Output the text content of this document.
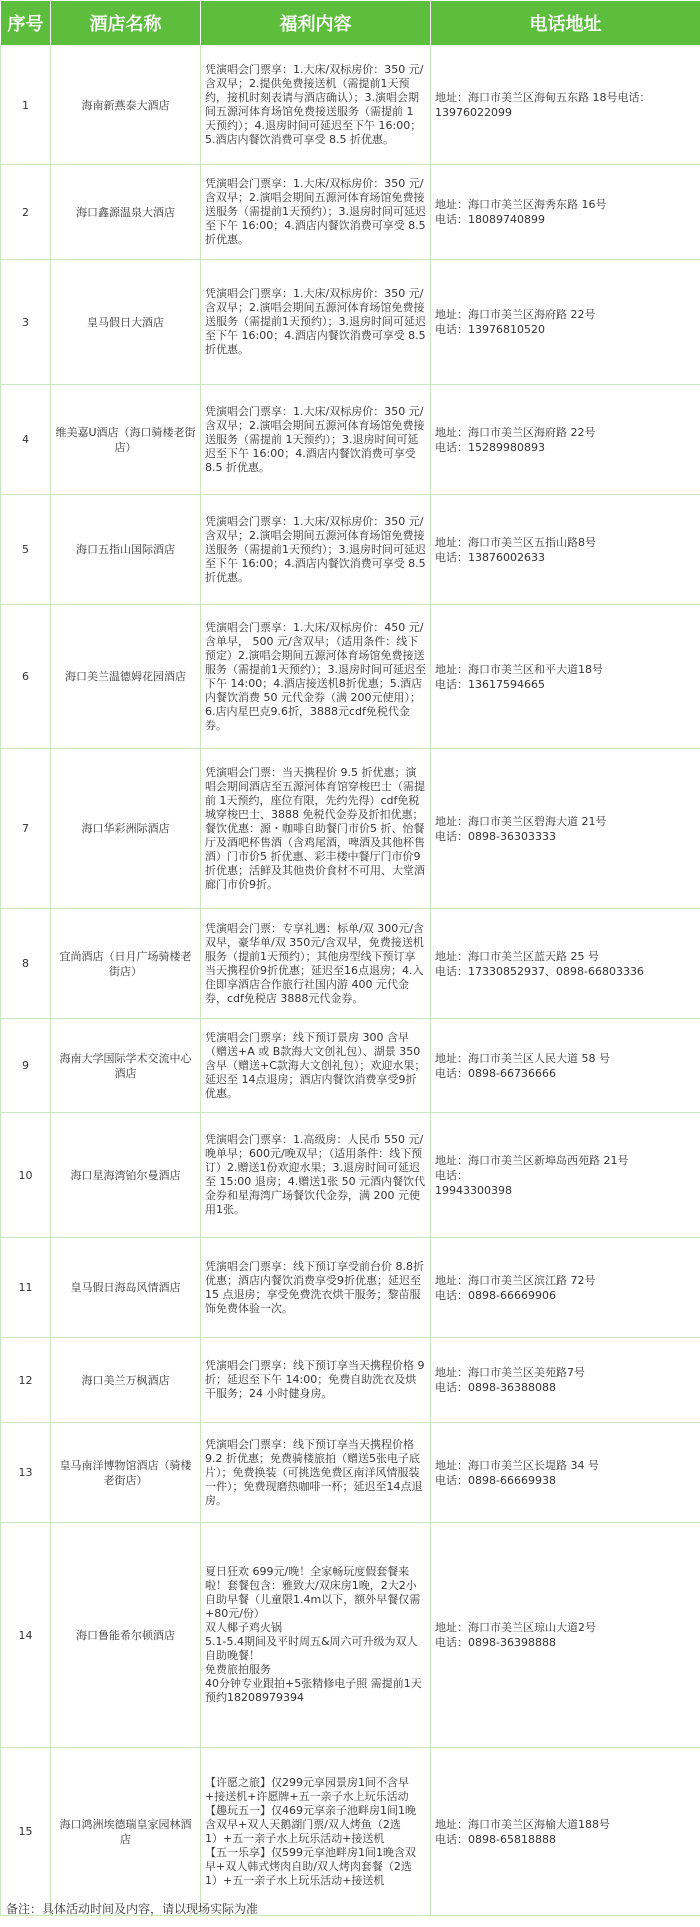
序号	酒店名称	福利内容	电话地址
1	海南新燕泰大酒店	凭演唱会门票享：1.大床/双标房价：350 元/含双早；2.提供免费接送机（需提前1天预约，接机时刻表请与酒店确认）；3.演唱会期间五源河体育场馆免费接送服务（需提前 1 天预约）；4.退房时间可延迟至下午 16:00；5.酒店内餐饮消费可享受 8.5 折优惠。	地址：海口市美兰区海甸五东路 18号电话：13976022099
2	海口鑫源温泉大酒店	凭演唱会门票享：1.大床/双标房价：350 元/含双早；2.演唱会期间五源河体育场馆免费接送服务（需提前1天预约）；3.退房时间可延迟至下午 16:00；4.酒店内餐饮消费可享受 8.5 折优惠。	地址：海口市美兰区海秀东路 16号
电话：18089740899
3	皇马假日大酒店	凭演唱会门票享：1.大床/双标房价：350 元/含双早；2.演唱会期间五源河体育场馆免费接送服务（需提前1天预约）；3.退房时间可延迟至下午 16:00；4.酒店内餐饮消费可享受 8.5 折优惠。	地址：海口市美兰区海府路 22号
电话：13976810520
4	维美嘉U酒店（海口骑楼老街店）	凭演唱会门票享：1.大床/双标房价：350 元/含双早；2.演唱会期间五源河体育场馆免费接送服务（需提前 1天预约）；3.退房时间可延迟至下午 16:00；4.酒店内餐饮消费可享受 8.5 折优惠。	地址：海口市美兰区海府路 22号
电话：15289980893
5	海口五指山国际酒店	凭演唱会门票享：1.大床/双标房价：350 元/含双早；2.演唱会期间五源河体育场馆免费接送服务（需提前1天预约）；3.退房时间可延迟至下午 16:00；4.酒店内餐饮消费可享受 8.5 折优惠。	地址：海口市美兰区五指山路8号
电话：13876002633
6	海口美兰温德姆花园酒店	凭演唱会门票享：1.大床/双标房价：450 元/含单早， 500 元/含双早；（适用条件：线下预定）2.演唱会期间五源河体育场馆免费接送服务（需提前1天预约）；3.退房时间可延迟至下午 14:00；4.酒店接送机8折优惠；5.酒店内餐饮消费 50 元代金券（满 200元使用）；6.店内星巴克9.6折，3888元cdf免税代金券。	地址：海口市美兰区和平大道18号
电话：13617594665
7	海口华彩洲际酒店	凭演唱会门票：当天携程价 9.5 折优惠；演唱会期间酒店至五源河体育馆穿梭巴士（需提前 1天预约，座位有限，先约先得）cdf免税城穿梭巴士、3888 免税代金券及折扣优惠；餐饮优惠：源・咖啡自助餐门市价5 折、怡餐厅及酒吧杯售酒（含鸡尾酒，啤酒及其他杯售酒）门市价5 折优惠、彩丰楼中餐厅门市价9折优惠；活鲜及其他贵价食材不可用、大堂酒廊门市价9折。	地址：海口市美兰区碧海大道 21号
电话：0898-36303333
8	宜尚酒店（日月广场骑楼老街店）	凭演唱会门票：专享礼遇：标单/双 300元/含双早，豪华单/双 350元/含双早，免费接送机服务（提前1天预约）；其他房型线下预订享当天携程价9折优惠；延迟至16点退房；4.入住即享酒店合作旅行社国内游 400 元代金券，cdf免税店 3888元代金券。	地址：海口市美兰区蓝天路 25 号
电话：17330852937、0898-66803336
9	海南大学国际学术交流中心酒店	凭演唱会门票享：线下预订景房 300 含早（赠送+A 或 B款海大文创礼包）、湖景 350 含早（赠送+C款海大文创礼包）；欢迎水果；延迟至 14点退房；酒店内餐饮消费享受9折优惠。	地址：海口市美兰区人民大道 58 号
电话：0898-66736666
10	海口星海湾铂尔曼酒店	凭演唱会门票享：1.高级房：人民币 550 元/晚单早；600元/晚双早；（适用条件：线下预订）2.赠送1份欢迎水果；3.退房时间可延迟至 15:00 退房；4.赠送1张 50 元酒内餐饮代金券和星海湾广场餐饮代金券，满 200 元使用1张。	地址：海口市美兰区新埠岛西苑路 21号
电话：
19943300398
11	皇马假日海岛风情酒店	凭演唱会门票享：线下预订享受前台价 8.8折优惠；酒店内餐饮消费享受9折优惠；延迟至 15 点退房；享受免费洗衣烘干服务；黎苗服饰免费体验一次。	地址：海口市美兰区滨江路 72号
电话：0898-66669906
12	海口美兰万枫酒店	凭演唱会门票享：线下预订享当天携程价格 9 折；延迟至下午 14:00；免费自助洗衣及烘干服务；24 小时健身房。	地址：海口市美兰区美苑路7号
电话：0898-36388088
13	皇马南洋博物馆酒店（骑楼老街店）	凭演唱会门票享：线下预订享当天携程价格9.2 折优惠；免费骑楼旅拍（赠送5张电子底片）；免费换装（可挑选免费区南洋风情服装一件）；免费现磨热咖啡一杯；延迟至14点退房。	地址：海口市美兰区长堤路 34 号
电话：0898-66669938
14	海口鲁能希尔顿酒店	夏日狂欢 699元/晚！全家畅玩度假套餐来啦！套餐包含：雅致大/双床房1晚，2大2小自助早餐（儿童限1.4m以下，额外早餐仅需+80元/份）
双人椰子鸡火锅
5.1-5.4期间及平时周五&周六可升级为双人自助晚餐！
免费旅拍服务
40分钟专业跟拍+5张精修电子照 需提前1天预约18208979394	地址：海口市美兰区琼山大道2号
电话：0898-36398888
15	海口鸿洲埃德瑞皇家园林酒店	【许愿之旅】仅299元享园景房1间不含早+接送机+许愿牌+五一亲子水上玩乐活动
【趣玩五一】仅469元享亲子池畔房1间1晚含双早+双人天鹅湖门票/双人烤鱼（2选1）+五一亲子水上玩乐活动+接送机
【五一乐享】仅599元享池畔房1间1晚含双早+双人韩式烤肉自助/双人烤肉套餐（2选1）+五一亲子水上玩乐活动+接送机	地址：海口市美兰区海榆大道188号
电话：0898-65818888
备注：具体活动时间及内容，请以现场实际为准
